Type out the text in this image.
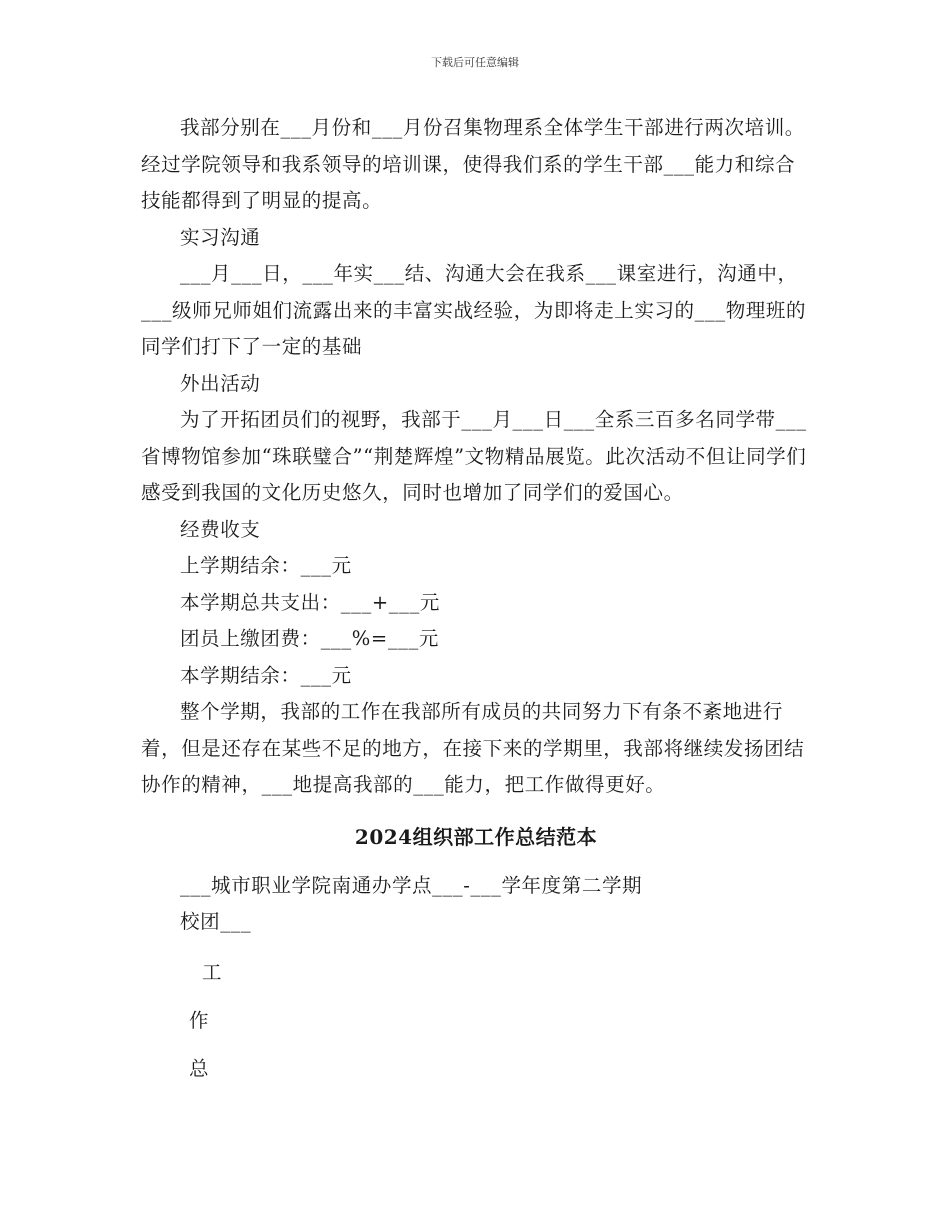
下载后可任意编辑

我部分别在___月份和___月份召集物理系全体学生干部进行两次培训。经过学院领导和我系领导的培训课，使得我们系的学生干部___能力和综合技能都得到了明显的提高。

实习沟通

___月___日，___年实___结、沟通大会在我系___课室进行，沟通中，___级师兄师姐们流露出来的丰富实战经验，为即将走上实习的___物理班的同学们打下了一定的基础

外出活动

为了开拓团员们的视野，我部于___月___日___全系三百多名同学带___省博物馆参加“珠联璧合”“荆楚辉煌”文物精品展览。此次活动不但让同学们感受到我国的文化历史悠久，同时也增加了同学们的爱国心。

经费收支

上学期结余：___元

本学期总共支出：___+___元

团员上缴团费：___%=___元

本学期结余：___元

整个学期，我部的工作在我部所有成员的共同努力下有条不紊地进行着，但是还存在某些不足的地方，在接下来的学期里，我部将继续发扬团结协作的精神，___地提高我部的___能力，把工作做得更好。

2024组织部工作总结范本

___城市职业学院南通办学点___-___学年度第二学期

校团___

工

作

总
